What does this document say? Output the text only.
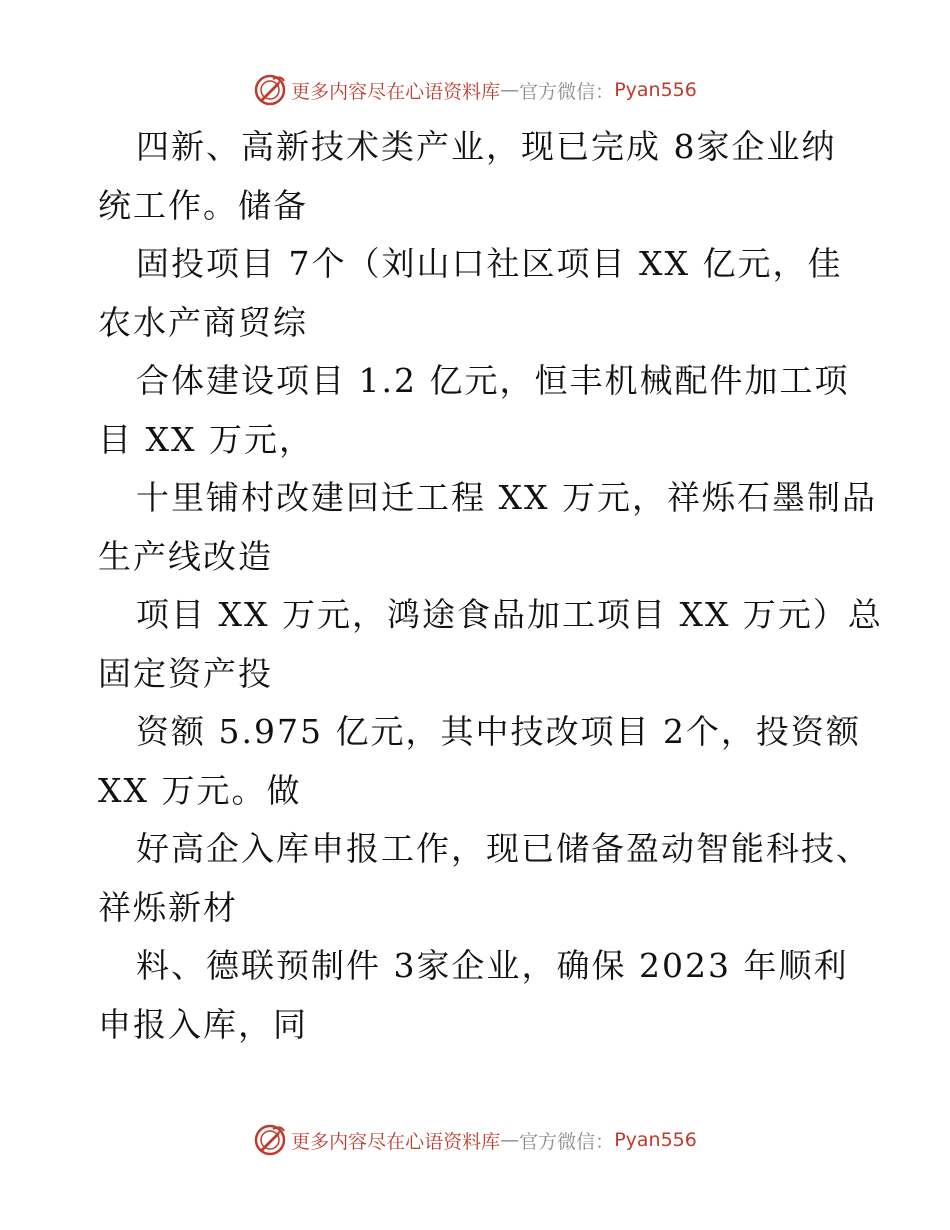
更多内容尽在心语资料库 — 官方微信： Pyan556
四新、高新技术类产业，现已完成 8家企业纳
统工作。储备
固投项目 7个（刘山口社区项目 XX 亿元，佳
农水产商贸综
合体建设项目 1.2 亿元，恒丰机械配件加工项
目 XX 万元，
十里铺村改建回迁工程 XX 万元，祥烁石墨制品
生产线改造
项目 XX 万元，鸿途食品加工项目 XX 万元）总
固定资产投
资额 5.975 亿元，其中技改项目 2个，投资额
XX 万元。做
好高企入库申报工作，现已储备盈动智能科技、
祥烁新材
料、德联预制件 3家企业，确保 2023 年顺利
申报入库，同
更多内容尽在心语资料库 — 官方微信： Pyan556
